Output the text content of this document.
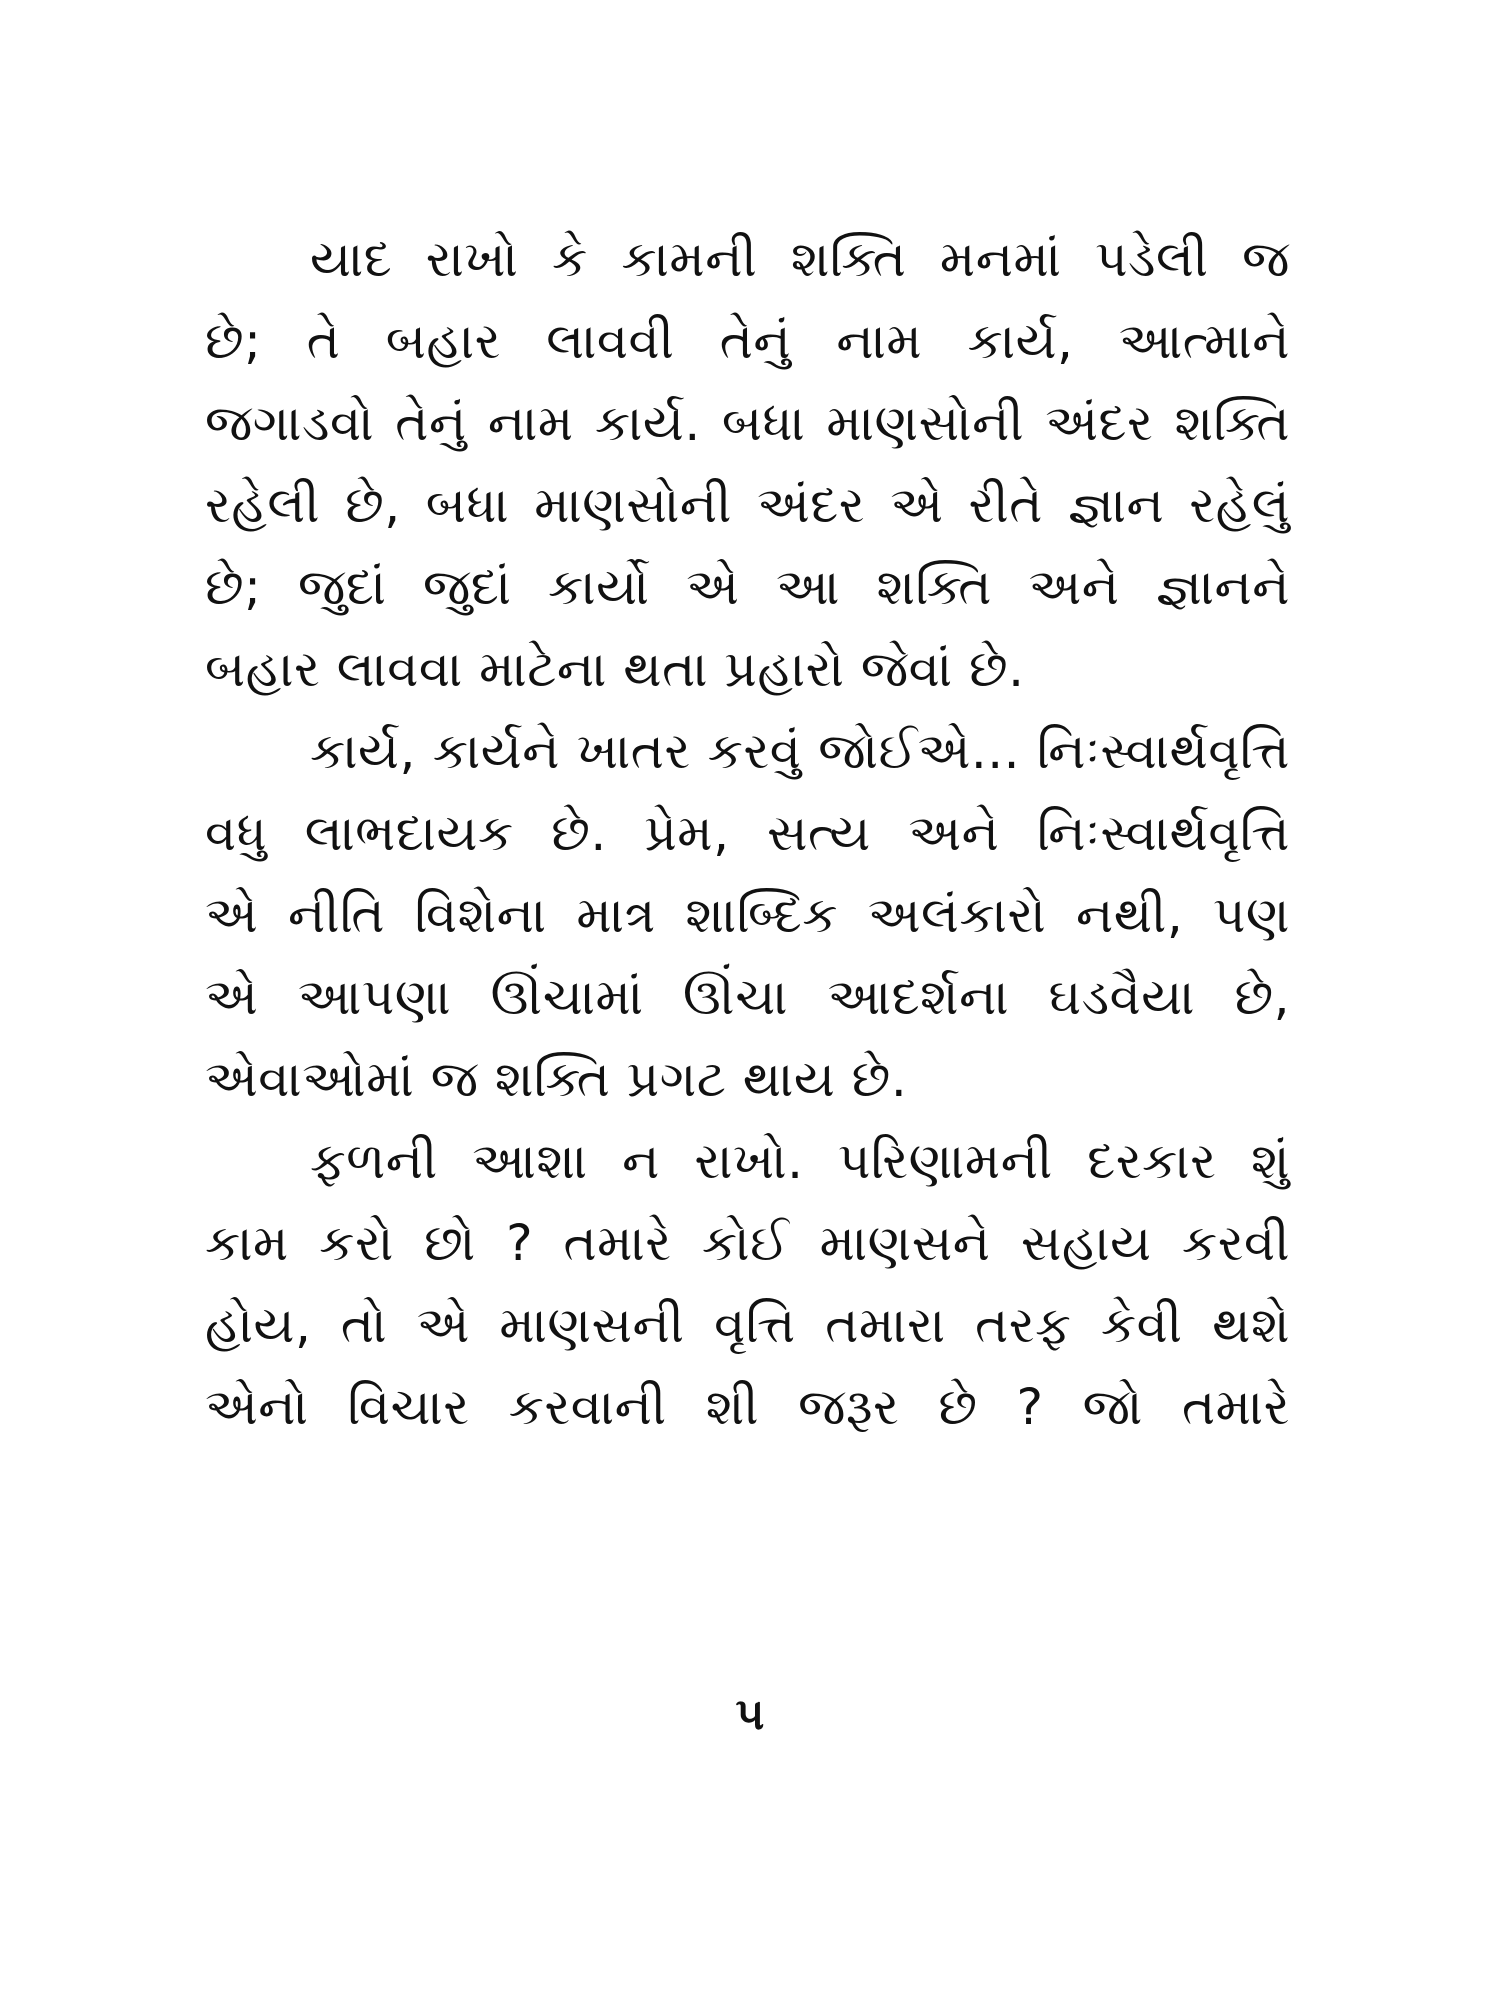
યાદ રાખો કે કામની શક્તિ મનમાં પડેલી જ
છે; તે બહાર લાવવી તેનું નામ કાર્ય, આત્માને
જગાડવો તેનું નામ કાર્ય. બધા માણસોની અંદર શક્તિ
રહેલી છે, બધા માણસોની અંદર એ રીતે જ્ઞાન રહેલું
છે; જુદાં જુદાં કાર્યો એ આ શક્તિ અને જ્ઞાનને
બહાર લાવવા માટેના થતા પ્રહારો જેવાં છે.
કાર્ય, કાર્યને ખાતર કરવું જોઈએ... નિઃસ્વાર્થવૃત્તિ
વધુ લાભદાયક છે. પ્રેમ, સત્ય અને નિઃસ્વાર્થવૃત્તિ
એ નીતિ વિશેના માત્ર શાબ્દિક અલંકારો નથી, પણ
એ આપણા ઊંચામાં ઊંચા આદર્શના ઘડવૈયા છે,
એવાઓમાં જ શક્તિ પ્રગટ થાય છે.
ફળની આશા ન રાખો. પરિણામની દરકાર શું
કામ કરો છો ? તમારે કોઈ માણસને સહાય કરવી
હોય, તો એ માણસની વૃત્તિ તમારા તરફ કેવી થશે
એનો વિચાર કરવાની શી જરૂર છે ? જો તમારે
૫
